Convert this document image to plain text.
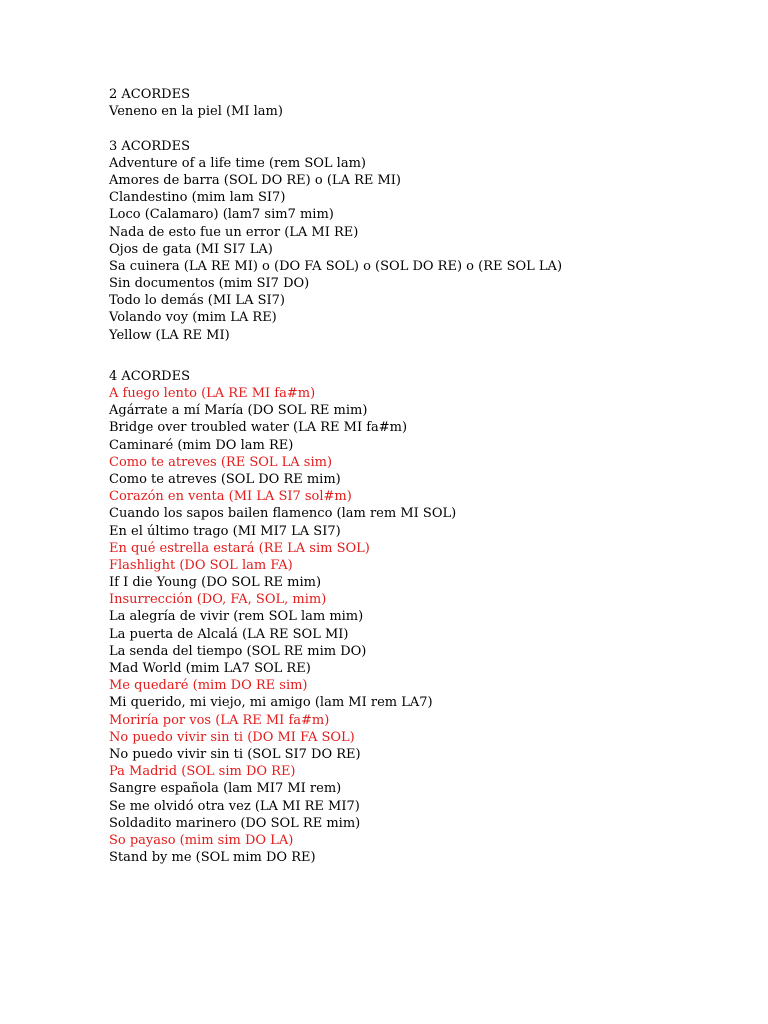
2 ACORDES
Veneno en la piel (MI lam)
3 ACORDES
Adventure of a life time (rem SOL lam)
Amores de barra (SOL DO RE) o (LA RE MI)
Clandestino (mim lam SI7)
Loco (Calamaro) (lam7 sim7 mim)
Nada de esto fue un error (LA MI RE)
Ojos de gata (MI SI7 LA)
Sa cuinera (LA RE MI) o (DO FA SOL) o (SOL DO RE) o (RE SOL LA)
Sin documentos (mim SI7 DO)
Todo lo demás (MI LA SI7)
Volando voy (mim LA RE)
Yellow (LA RE MI)
4 ACORDES
A fuego lento (LA RE MI fa#m)
Agárrate a mí María (DO SOL RE mim)
Bridge over troubled water (LA RE MI fa#m)
Caminaré (mim DO lam RE)
Como te atreves (RE SOL LA sim)
Como te atreves (SOL DO RE mim)
Corazón en venta (MI LA SI7 sol#m)
Cuando los sapos bailen flamenco (lam rem MI SOL)
En el último trago (MI MI7 LA SI7)
En qué estrella estará (RE LA sim SOL)
Flashlight (DO SOL lam FA)
If I die Young (DO SOL RE mim)
Insurrección (DO, FA, SOL, mim)
La alegría de vivir (rem SOL lam mim)
La puerta de Alcalá (LA RE SOL MI)
La senda del tiempo (SOL RE mim DO)
Mad World (mim LA7 SOL RE)
Me quedaré (mim DO RE sim)
Mi querido, mi viejo, mi amigo (lam MI rem LA7)
Moriría por vos (LA RE MI fa#m)
No puedo vivir sin ti (DO MI FA SOL)
No puedo vivir sin ti (SOL SI7 DO RE)
Pa Madrid (SOL sim DO RE)
Sangre española (lam MI7 MI rem)
Se me olvidó otra vez (LA MI RE MI7)
Soldadito marinero (DO SOL RE mim)
So payaso (mim sim DO LA)
Stand by me (SOL mim DO RE)
